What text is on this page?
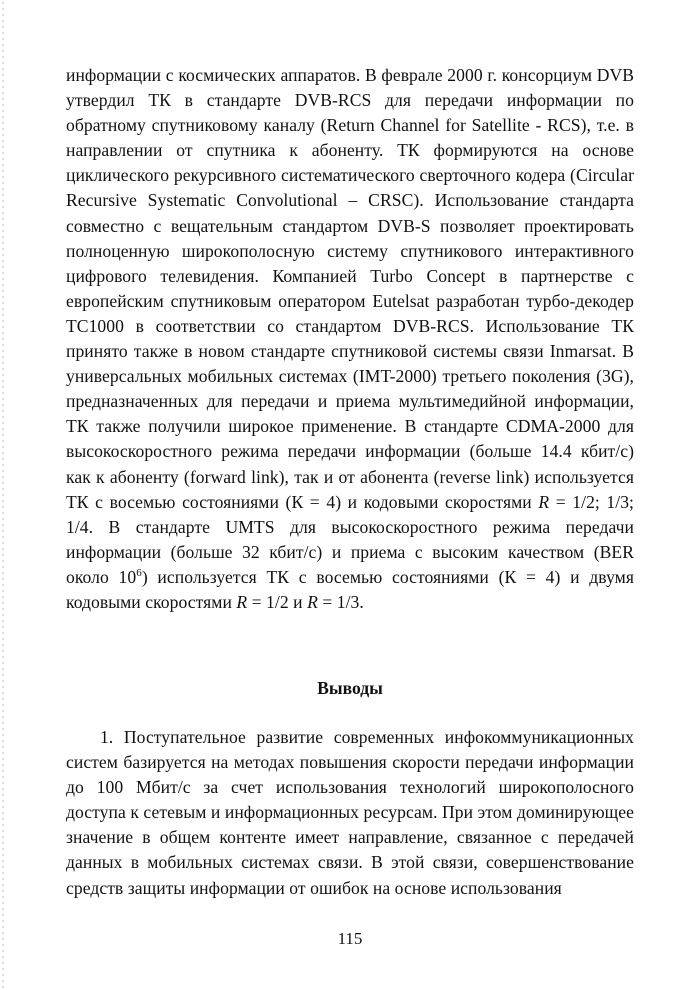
информации с космических аппаратов. В феврале 2000 г. консорциум DVB утвердил ТК в стандарте DVB-RCS для передачи информации по обратному спутниковому каналу (Return Channel for Satellite - RCS), т.е. в направлении от спутника к абоненту. ТК формируются на основе циклического рекурсивного систематического сверточного кодера (Circular Recursive Systematic Convolutional – CRSC). Использование стандарта совместно с вещательным стандартом DVB-S позволяет проектировать полноценную широкополосную систему спутникового интерактивного цифрового телевидения. Компанией Turbo Concept в партнерстве с европейским спутниковым оператором Eutelsat разработан турбо-декодер TC1000 в соответствии со стандартом DVB-RCS. Использование ТК принято также в новом стандарте спутниковой системы связи Inmarsat. В универсальных мобильных системах (IMT-2000) третьего поколения (3G), предназначенных для передачи и приема мультимедийной информации, ТК также получили широкое применение. В стандарте CDMA-2000 для высокоскоростного режима передачи информации (больше 14.4 кбит/с) как к абоненту (forward link), так и от абонента (reverse link) используется ТК с восемью состояниями (К = 4) и кодовыми скоростями R = 1/2; 1/3; 1/4. В стандарте UMTS для высокоскоростного режима передачи информации (больше 32 кбит/с) и приема с высоким качеством (BER около $10^6$) используется ТК с восемью состояниями (К = 4) и двумя кодовыми скоростями R = 1/2 и R = 1/3.
Выводы
1. Поступательное развитие современных инфокоммуникационных систем базируется на методах повышения скорости передачи информации до 100 Мбит/с за счет использования технологий широкополосного доступа к сетевым и информационных ресурсам. При этом доминирующее значение в общем контенте имеет направление, связанное с передачей данных в мобильных системах связи. В этой связи, совершенствование средств защиты информации от ошибок на основе использования
115
